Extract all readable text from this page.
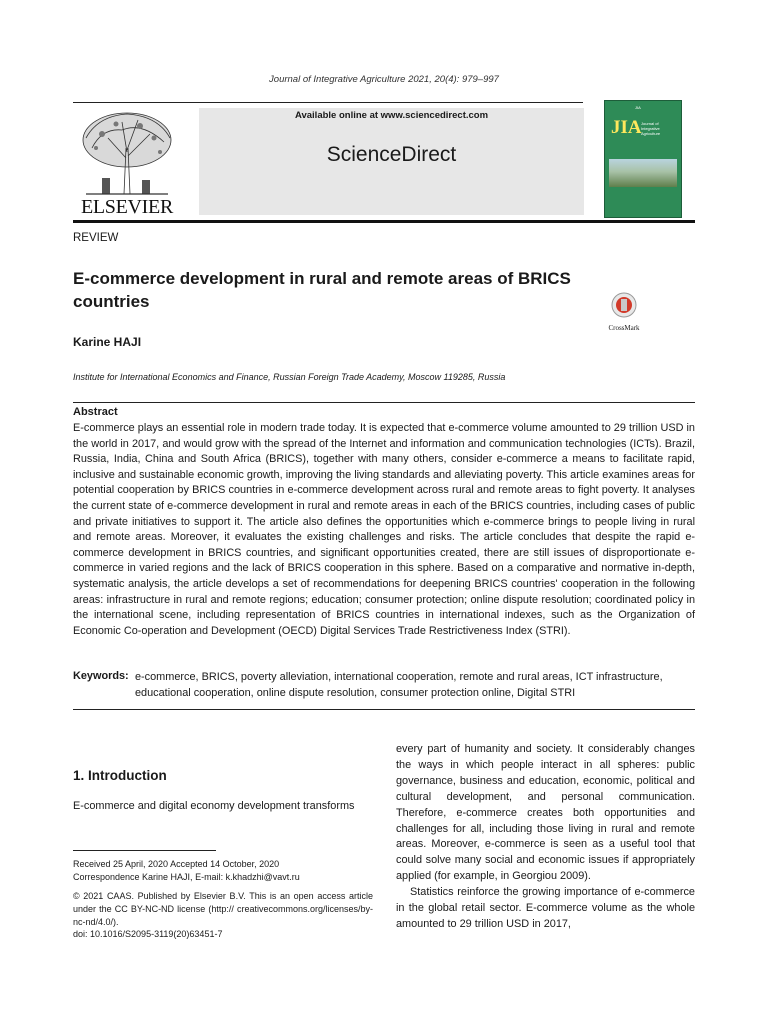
Journal of Integrative Agriculture 2021, 20(4): 979–997
ELSEVIER
Available online at www.sciencedirect.com
ScienceDirect
JIA
JIA Journal of Integrative Agriculture
REVIEW
E-commerce development in rural and remote areas of BRICS countries
CrossMark
Karine HAJI
Institute for International Economics and Finance, Russian Foreign Trade Academy, Moscow 119285, Russia
Abstract
E-commerce plays an essential role in modern trade today. It is expected that e-commerce volume amounted to 29 trillion USD in the world in 2017, and would grow with the spread of the Internet and information and communication technologies (ICTs). Brazil, Russia, India, China and South Africa (BRICS), together with many others, consider e-commerce a means to facilitate rapid, inclusive and sustainable economic growth, improving the living standards and alleviating poverty. This article examines areas for potential cooperation by BRICS countries in e-commerce development across rural and remote areas to fight poverty. It analyses the current state of e-commerce development in rural and remote areas in each of the BRICS countries, including cases of public and private initiatives to support it. The article also defines the opportunities which e-commerce brings to people living in rural and remote areas. Moreover, it evaluates the existing challenges and risks. The article concludes that despite the rapid e-commerce development in BRICS countries, and significant opportunities created, there are still issues of disproportionate e-commerce in varied regions and the lack of BRICS cooperation in this sphere. Based on a comparative and normative in-depth, systematic analysis, the article develops a set of recommendations for deepening BRICS countries' cooperation in the following areas: infrastructure in rural and remote regions; education; consumer protection; online dispute resolution; coordinated policy in the international scene, including representation of BRICS countries in international indexes, such as the Organization of Economic Co-operation and Development (OECD) Digital Services Trade Restrictiveness Index (STRI).
Keywords: e-commerce, BRICS, poverty alleviation, international cooperation, remote and rural areas, ICT infrastructure, educational cooperation, online dispute resolution, consumer protection online, Digital STRI
1. Introduction
E-commerce and digital economy development transforms
Received 25 April, 2020 Accepted 14 October, 2020
Correspondence Karine HAJI, E-mail: k.khadzhi@vavt.ru
© 2021 CAAS. Published by Elsevier B.V. This is an open access article under the CC BY-NC-ND license (http:// creativecommons.org/licenses/by-nc-nd/4.0/).
doi: 10.1016/S2095-3119(20)63451-7
every part of humanity and society. It considerably changes the ways in which people interact in all spheres: public governance, business and education, economic, political and cultural development, and personal communication. Therefore, e-commerce creates both opportunities and challenges for all, including those living in rural and remote areas. Moreover, e-commerce is seen as a useful tool that could solve many social and economic issues if appropriately applied (for example, in Georgiou 2009).
Statistics reinforce the growing importance of e-commerce in the global retail sector. E-commerce volume as the whole amounted to 29 trillion USD in 2017,
